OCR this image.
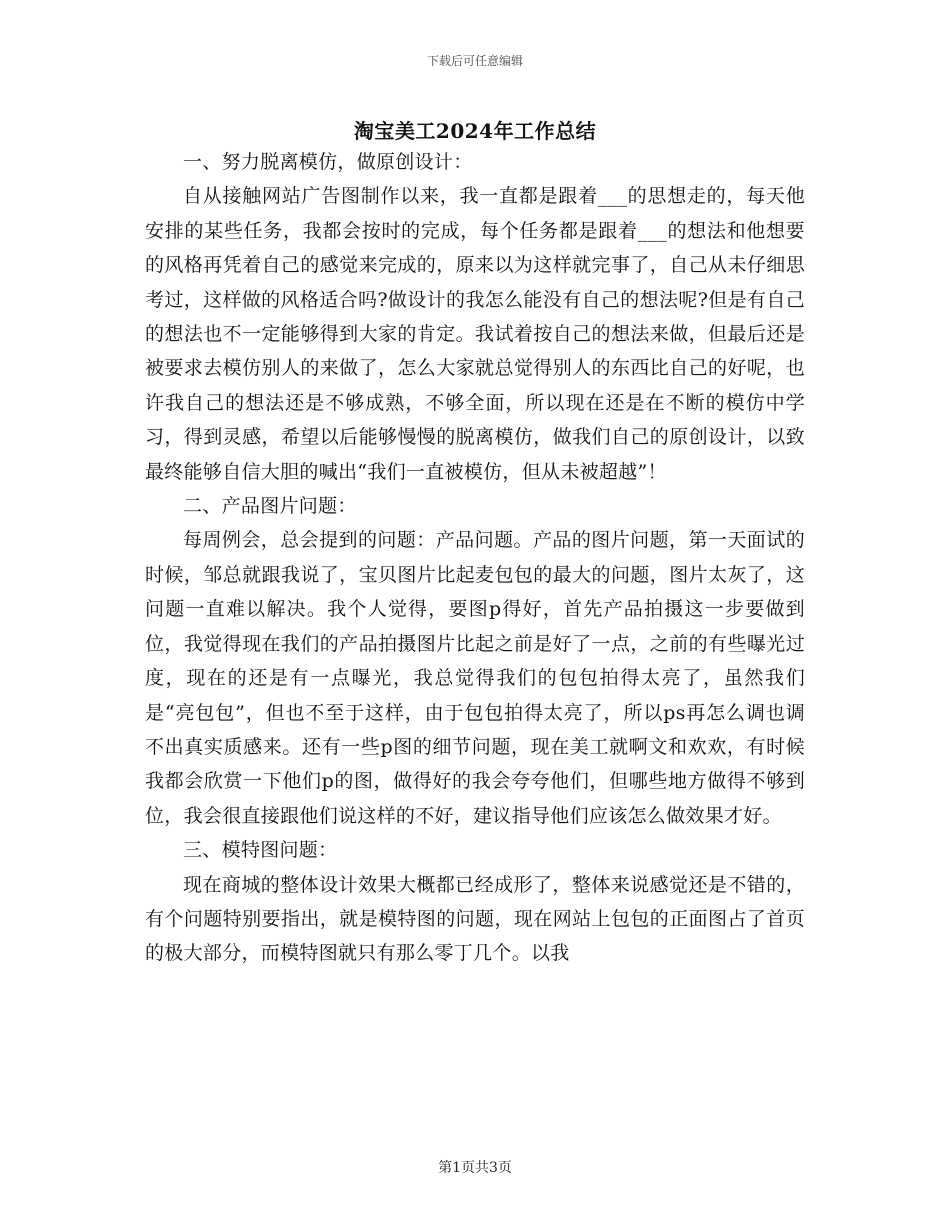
下载后可任意编辑
淘宝美工2024年工作总结

一、努力脱离模仿，做原创设计：

自从接触网站广告图制作以来，我一直都是跟着___的思想走的，每天他安排的某些任务，我都会按时的完成，每个任务都是跟着___的想法和他想要的风格再凭着自己的感觉来完成的，原来以为这样就完事了，自己从未仔细思考过，这样做的风格适合吗?做设计的我怎么能没有自己的想法呢?但是有自己的想法也不一定能够得到大家的肯定。我试着按自己的想法来做，但最后还是被要求去模仿别人的来做了，怎么大家就总觉得别人的东西比自己的好呢，也许我自己的想法还是不够成熟，不够全面，所以现在还是在不断的模仿中学习，得到灵感，希望以后能够慢慢的脱离模仿，做我们自己的原创设计，以致最终能够自信大胆的喊出“我们一直被模仿，但从未被超越”！

二、产品图片问题：

每周例会，总会提到的问题：产品问题。产品的图片问题，第一天面试的时候，邹总就跟我说了，宝贝图片比起麦包包的最大的问题，图片太灰了，这问题一直难以解决。我个人觉得，要图p得好，首先产品拍摄这一步要做到位，我觉得现在我们的产品拍摄图片比起之前是好了一点，之前的有些曝光过度，现在的还是有一点曝光，我总觉得我们的包包拍得太亮了，虽然我们是“亮包包”，但也不至于这样，由于包包拍得太亮了，所以ps再怎么调也调不出真实质感来。还有一些p图的细节问题，现在美工就啊文和欢欢，有时候我都会欣赏一下他们p的图，做得好的我会夸夸他们，但哪些地方做得不够到位，我会很直接跟他们说这样的不好，建议指导他们应该怎么做效果才好。

三、模特图问题：

现在商城的整体设计效果大概都已经成形了，整体来说感觉还是不错的，有个问题特别要指出，就是模特图的问题，现在网站上包包的正面图占了首页的极大部分，而模特图就只有那么零丁几个。以我

第1页共3页
